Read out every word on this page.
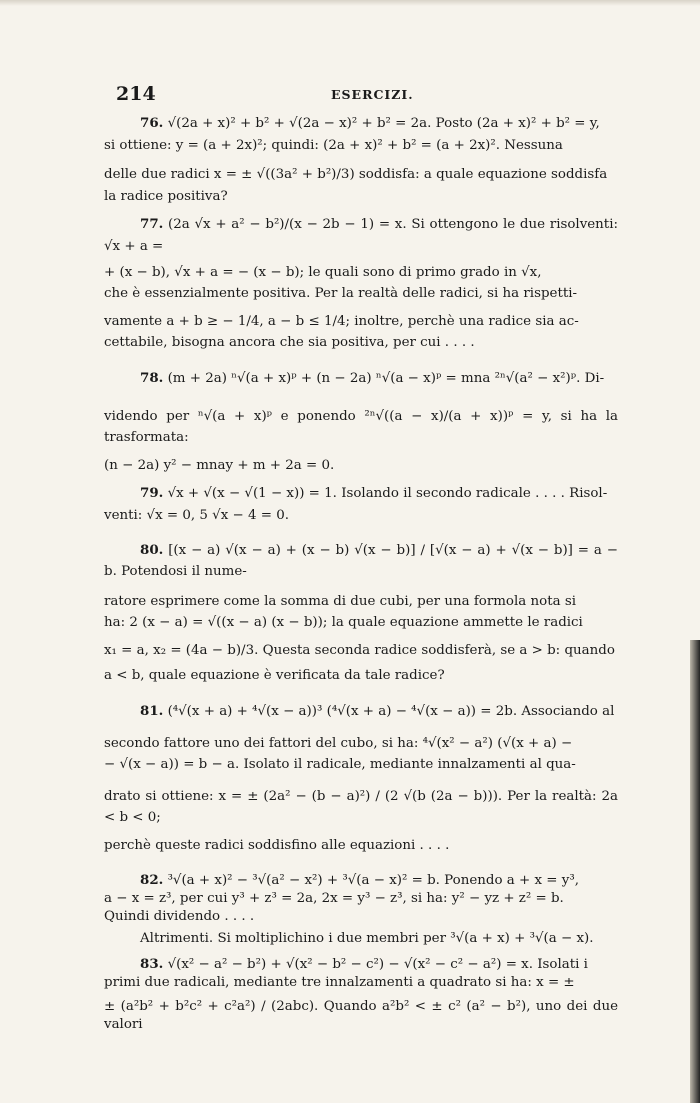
214	ESERCIZI.
76. √(2a + x)² + b² + √(2a − x)² + b² = 2a. Posto (2a + x)² + b² = y,
si ottiene: y = (a + 2x)²; quindi: (2a + x)² + b² = (a + 2x)². Nessuna
delle due radici x = ± √((3a² + b²)/3) soddisfa: a quale equazione soddisfa
la radice positiva?
77. (2a √x + a² − b²)/(x − 2b − 1) = x. Si ottengono le due risolventi: √x + a =
+ (x − b), √x + a = − (x − b); le quali sono di primo grado in √x,
che è essenzialmente positiva. Per la realtà delle radici, si ha rispetti-
vamente a + b ≥ − 1/4, a − b ≤ 1/4; inoltre, perchè una radice sia ac-
cettabile, bisogna ancora che sia positiva, per cui . . . .
78. (m + 2a) ⁿ√(a + x)ᵖ + (n − 2a) ⁿ√(a − x)ᵖ = mna ²ⁿ√(a² − x²)ᵖ. Di-
videndo per ⁿ√(a + x)ᵖ e ponendo ²ⁿ√((a − x)/(a + x))ᵖ = y, si ha la trasformata:
(n − 2a) y² − mnay + m + 2a = 0.
79. √x + √(x − √(1 − x)) = 1. Isolando il secondo radicale . . . . Risol-
venti: √x = 0, 5 √x − 4 = 0.
80. [(x − a) √(x − a) + (x − b) √(x − b)] / [√(x − a) + √(x − b)] = a − b. Potendosi il nume-
ratore esprimere come la somma di due cubi, per una formola nota si
ha: 2 (x − a) = √((x − a) (x − b)); la quale equazione ammette le radici
x₁ = a, x₂ = (4a − b)/3. Questa seconda radice soddisferà, se a > b: quando
a < b, quale equazione è verificata da tale radice?
81. (⁴√(x + a) + ⁴√(x − a))³ (⁴√(x + a) − ⁴√(x − a)) = 2b. Associando al
secondo fattore uno dei fattori del cubo, si ha: ⁴√(x² − a²) (√(x + a) −
− √(x − a)) = b − a. Isolato il radicale, mediante innalzamenti al qua-
drato si ottiene: x = ± (2a² − (b − a)²) / (2 √(b (2a − b))). Per la realtà: 2a < b < 0;
perchè queste radici soddisfino alle equazioni . . . .
82. ³√(a + x)² − ³√(a² − x²) + ³√(a − x)² = b. Ponendo a + x = y³,
a − x = z³, per cui y³ + z³ = 2a, 2x = y³ − z³, si ha: y² − yz + z² = b.
Quindi dividendo . . . .
Altrimenti. Si moltiplichino i due membri per ³√(a + x) + ³√(a − x).
83. √(x² − a² − b²) + √(x² − b² − c²) − √(x² − c² − a²) = x. Isolati i
primi due radicali, mediante tre innalzamenti a quadrato si ha: x = ±
± (a²b² + b²c² + c²a²) / (2abc). Quando a²b² < ± c² (a² − b²), uno dei due valori
